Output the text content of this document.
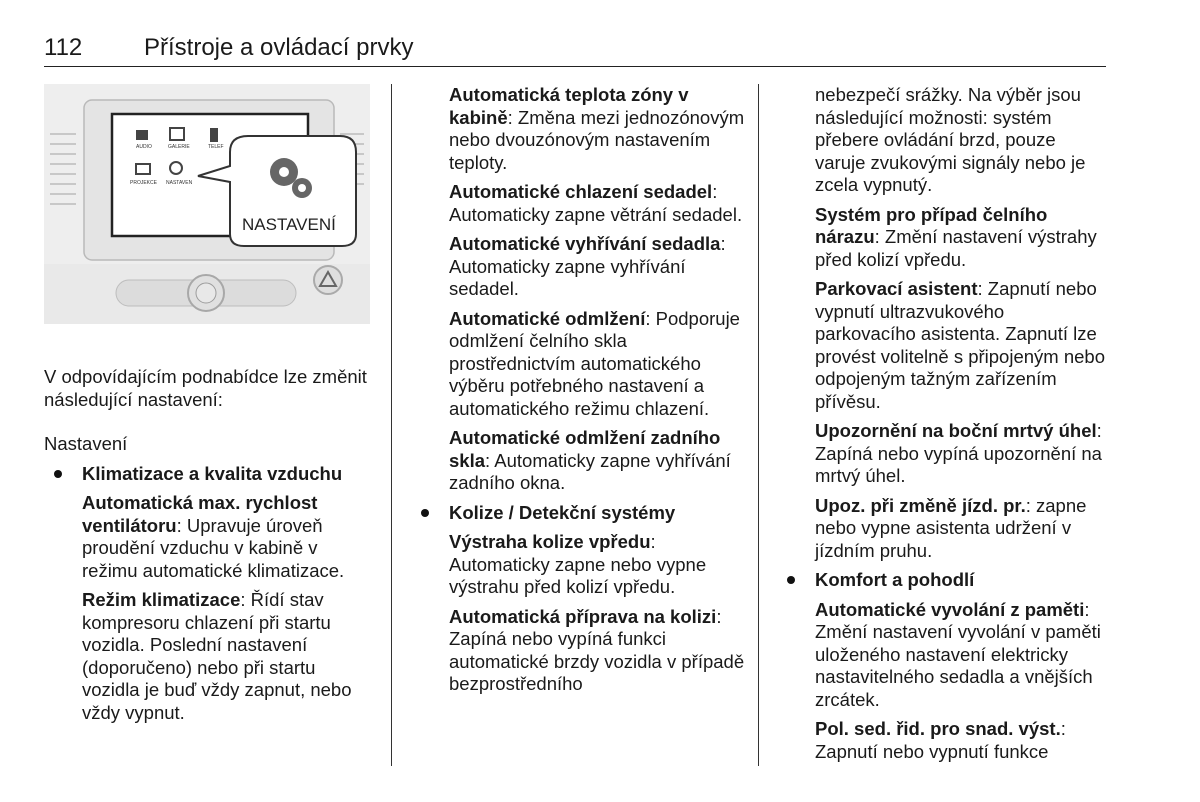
112	Přístroje a ovládací prvky
AUDIO	GALERIE	TELEF
PROJEKCE NASTAVEN
NASTAVENÍ

V odpovídajícím podnabídce lze změnit následující nastavení:

Nastavení

Klimatizace a kvalita vzduchu

Automatická max. rychlost ventilátoru: Upravuje úroveň proudění vzduchu v kabině v režimu automatické klimatizace.

Režim klimatizace: Řídí stav kompresoru chlazení při startu vozidla. Poslední nastavení (doporučeno) nebo při startu vozidla je buď vždy zapnut, nebo vždy vypnut.

Automatická teplota zóny v kabině: Změna mezi jednozónovým nebo dvouzónovým nastavením teploty.

Automatické chlazení sedadel: Automaticky zapne větrání sedadel.

Automatické vyhřívání sedadla: Automaticky zapne vyhřívání sedadel.

Automatické odmlžení: Podporuje odmlžení čelního skla prostřednictvím automatického výběru potřebného nastavení a automatického režimu chlazení.

Automatické odmlžení zadního skla: Automaticky zapne vyhřívání zadního okna.

Kolize / Detekční systémy

Výstraha kolize vpředu: Automaticky zapne nebo vypne výstrahu před kolizí vpředu.

Automatická příprava na kolizi: Zapíná nebo vypíná funkci automatické brzdy vozidla v případě bezprostředního

nebezpečí srážky. Na výběr jsou následující možnosti: systém přebere ovládání brzd, pouze varuje zvukovými signály nebo je zcela vypnutý.

Systém pro případ čelního nárazu: Změní nastavení výstrahy před kolizí vpředu.

Parkovací asistent: Zapnutí nebo vypnutí ultrazvukového parkovacího asistenta. Zapnutí lze provést volitelně s připojeným nebo odpojeným tažným zařízením přívěsu.

Upozornění na boční mrtvý úhel: Zapíná nebo vypíná upozornění na mrtvý úhel.

Upoz. při změně jízd. pr.: zapne nebo vypne asistenta udržení v jízdním pruhu.

Komfort a pohodlí

Automatické vyvolání z paměti: Změní nastavení vyvolání v paměti uloženého nastavení elektricky nastavitelného sedadla a vnějších zrcátek.

Pol. sed. řid. pro snad. výst.: Zapnutí nebo vypnutí funkce
